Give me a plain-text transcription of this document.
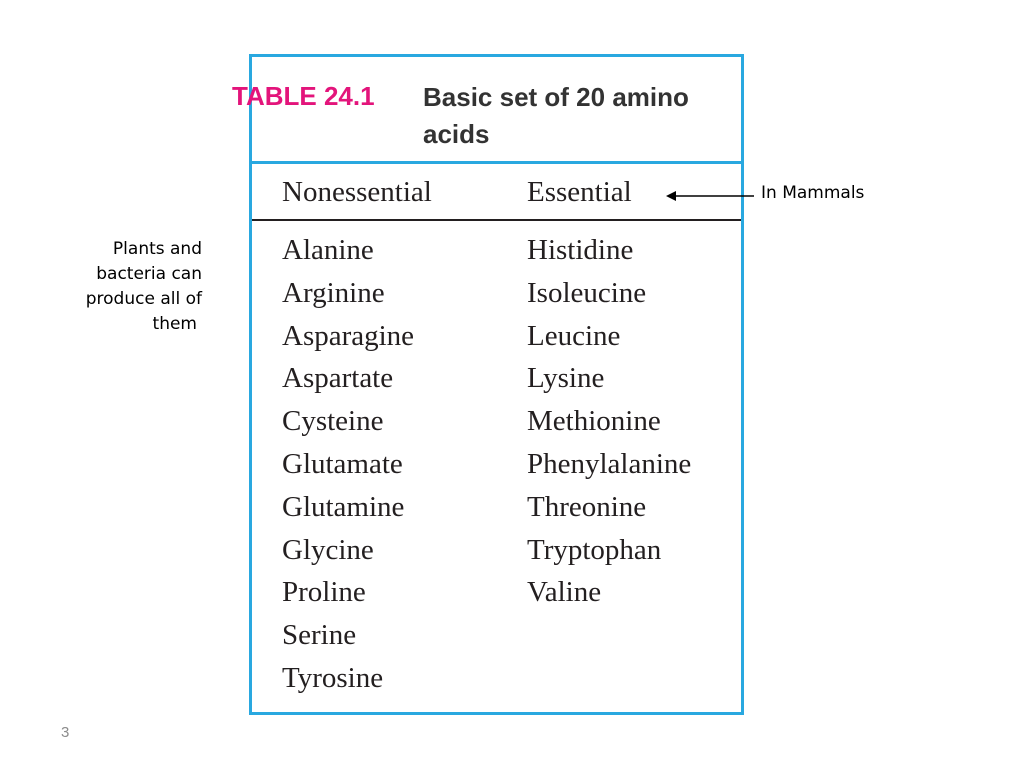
TABLE 24.1 Basic set of 20 amino acids
Nonessential	Essential
Alanine
Arginine
Asparagine
Aspartate
Cysteine
Glutamate
Glutamine
Glycine
Proline
Serine
Tyrosine
Histidine
Isoleucine
Leucine
Lysine
Methionine
Phenylalanine
Threonine
Tryptophan
Valine
Plants and
bacteria can
produce all of
them
In Mammals
3
